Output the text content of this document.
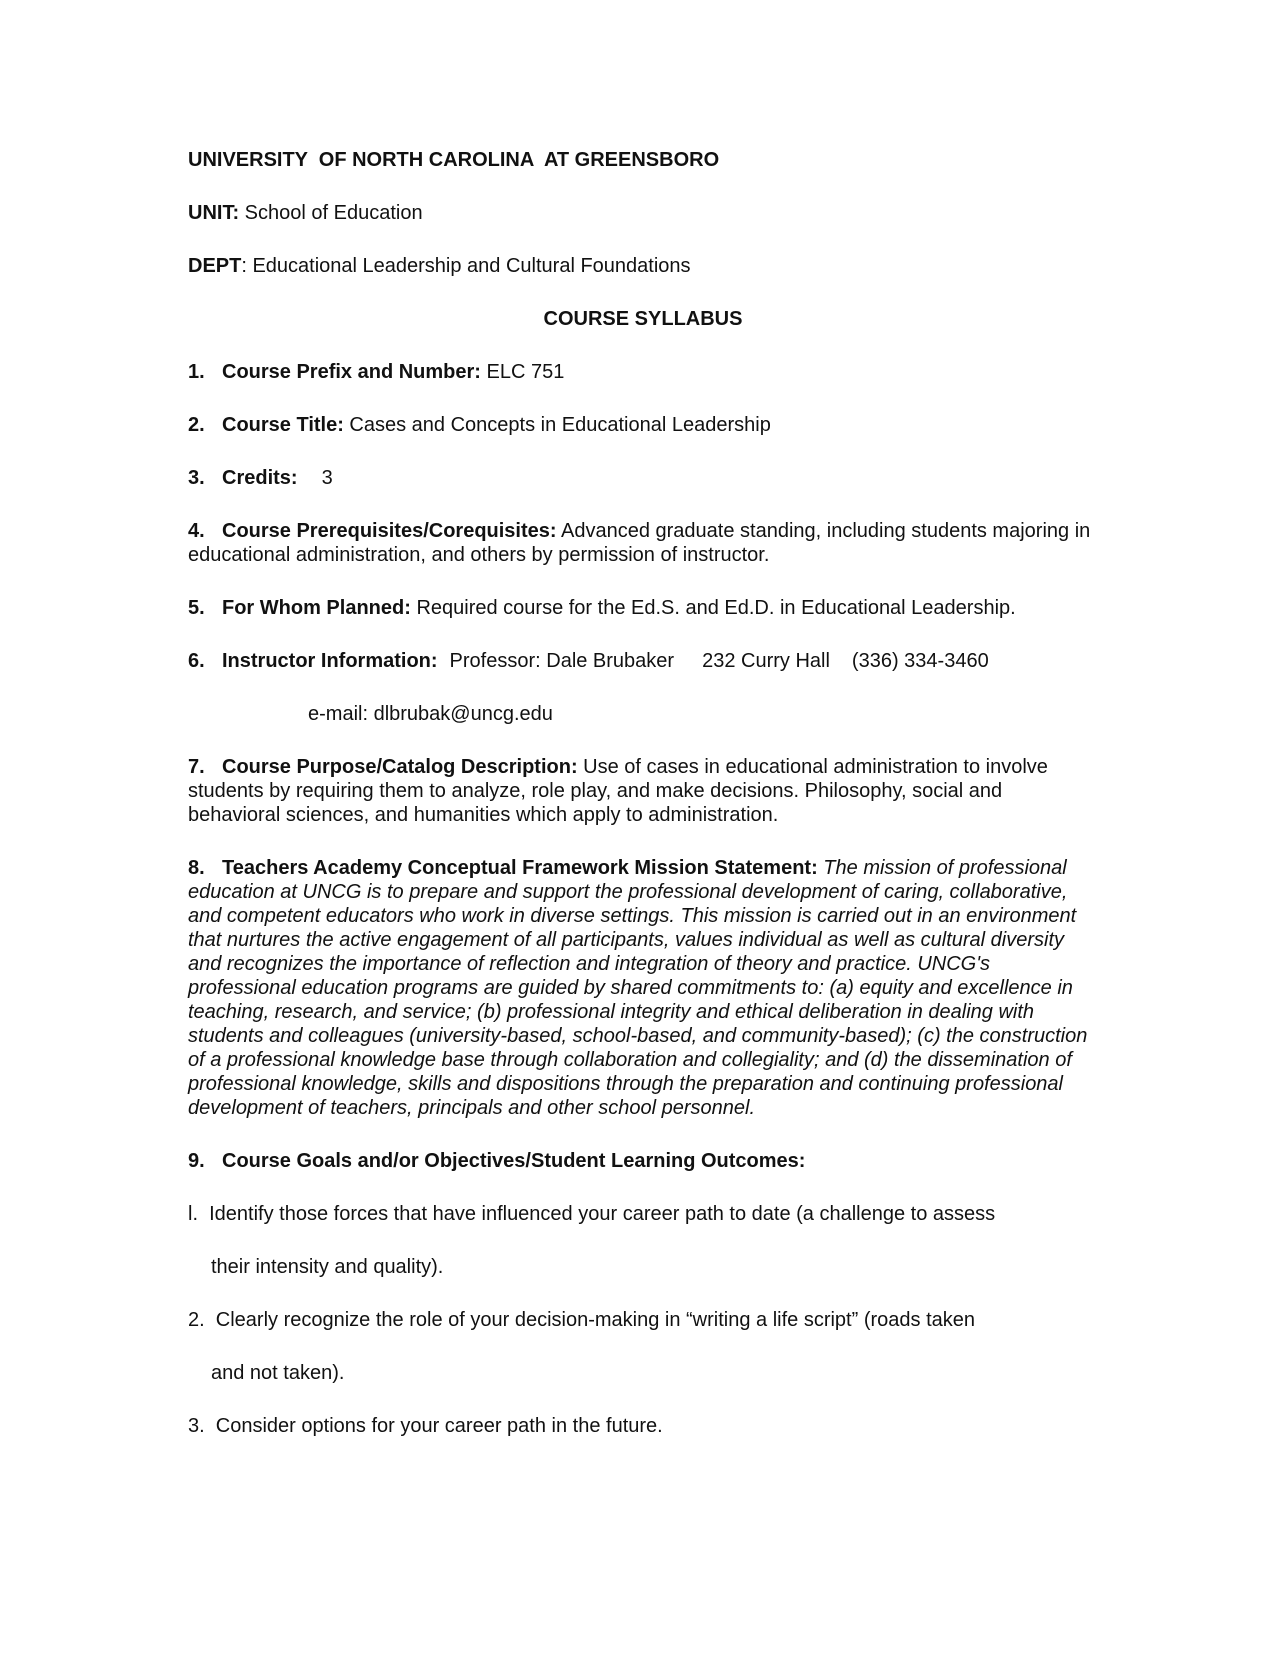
UNIVERSITY  OF NORTH CAROLINA  AT GREENSBORO

UNIT: School of Education

DEPT: Educational Leadership and Cultural Foundations

COURSE SYLLABUS

1. Course Prefix and Number: ELC 751

2. Course Title: Cases and Concepts in Educational Leadership

3. Credits: 3

4. Course Prerequisites/Corequisites: Advanced graduate standing, including students majoring in educational administration, and others by permission of instructor.

5. For Whom Planned: Required course for the Ed.S. and Ed.D. in Educational Leadership.

6. Instructor Information: Professor: Dale Brubaker 232 Curry Hall (336) 334-3460

e-mail: dlbrubak@uncg.edu

7. Course Purpose/Catalog Description: Use of cases in educational administration to involve students by requiring them to analyze, role play, and make decisions. Philosophy, social and behavioral sciences, and humanities which apply to administration.

8. Teachers Academy Conceptual Framework Mission Statement: The mission of professional education at UNCG is to prepare and support the professional development of caring, collaborative, and competent educators who work in diverse settings. This mission is carried out in an environment that nurtures the active engagement of all participants, values individual as well as cultural diversity and recognizes the importance of reflection and integration of theory and practice. UNCG's professional education programs are guided by shared commitments to: (a) equity and excellence in teaching, research, and service; (b) professional integrity and ethical deliberation in dealing with students and colleagues (university-based, school-based, and community-based); (c) the construction of a professional knowledge base through collaboration and collegiality; and (d) the dissemination of professional knowledge, skills and dispositions through the preparation and continuing professional development of teachers, principals and other school personnel.

9. Course Goals and/or Objectives/Student Learning Outcomes:

l.  Identify those forces that have influenced your career path to date (a challenge to assess

their intensity and quality).

2.  Clearly recognize the role of your decision-making in “writing a life script” (roads taken

and not taken).

3.  Consider options for your career path in the future.
